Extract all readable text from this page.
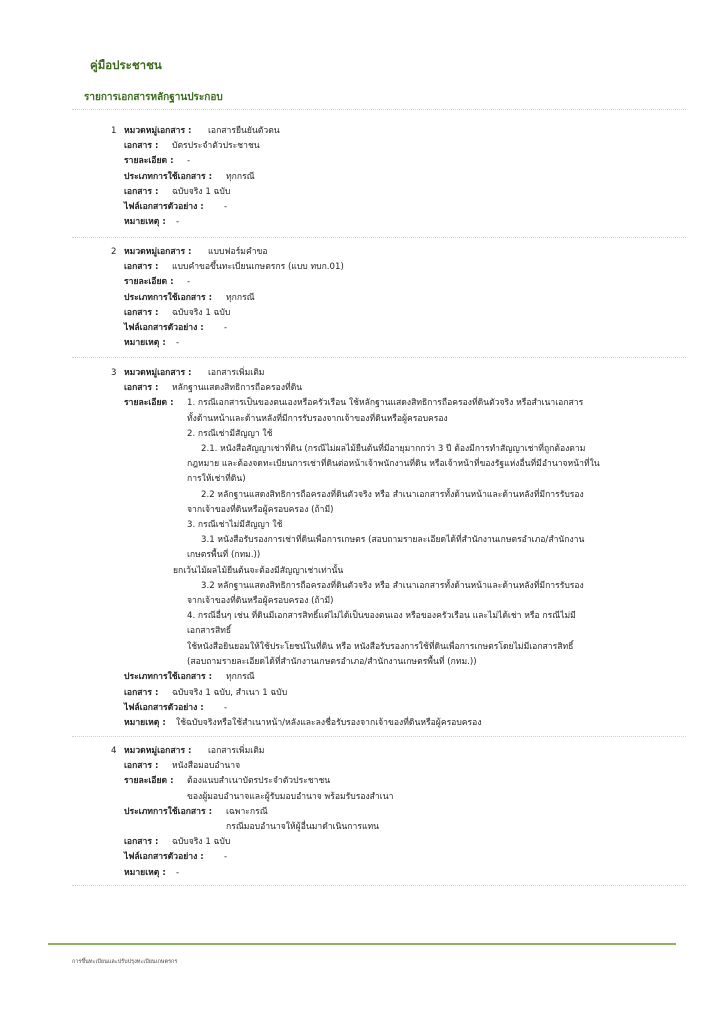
คู่มือประชาชน
รายการเอกสารหลักฐานประกอบ
1 หมวดหมู่เอกสาร : เอกสารยืนยันตัวตน
เอกสาร : บัตรประจำตัวประชาชน
รายละเอียด : -
ประเภทการใช้เอกสาร : ทุกกรณี
เอกสาร : ฉบับจริง 1 ฉบับ
ไฟล์เอกสารตัวอย่าง : -
หมายเหตุ : -
2 หมวดหมู่เอกสาร : แบบฟอร์มคำขอ
เอกสาร : แบบคำขอขึ้นทะเบียนเกษตรกร (แบบ ทบก.01)
รายละเอียด : -
ประเภทการใช้เอกสาร : ทุกกรณี
เอกสาร : ฉบับจริง 1 ฉบับ
ไฟล์เอกสารตัวอย่าง : -
หมายเหตุ : -
3 หมวดหมู่เอกสาร : เอกสารเพิ่มเติม
เอกสาร : หลักฐานแสดงสิทธิการถือครองที่ดิน
รายละเอียด : 1. กรณีเอกสารเป็นของตนเองหรือครัวเรือน ใช้หลักฐานแสดงสิทธิการถือครองที่ดินตัวจริง หรือสำเนาเอกสาร
ทั้งด้านหน้าและด้านหลังที่มีการรับรองจากเจ้าของที่ดินหรือผู้ครอบครอง
2. กรณีเช่ามีสัญญา ใช้
2.1. หนังสือสัญญาเช่าที่ดิน (กรณีไม่ผลไม้ยืนต้นที่มีอายุมากกว่า 3 ปี ต้องมีการทำสัญญาเช่าที่ถูกต้องตาม
กฎหมาย และต้องจดทะเบียนการเช่าที่ดินต่อหน้าเจ้าพนักงานที่ดิน หรือเจ้าหน้าที่ของรัฐแห่งอื่นที่มีอำนาจหน้าที่ใน
การให้เช่าที่ดิน)
2.2 หลักฐานแสดงสิทธิการถือครองที่ดินตัวจริง หรือ สำเนาเอกสารทั้งด้านหน้าและด้านหลังที่มีการรับรอง
จากเจ้าของที่ดินหรือผู้ครอบครอง (ถ้ามี)
3. กรณีเช่าไม่มีสัญญา ใช้
3.1 หนังสือรับรองการเช่าที่ดินเพื่อการเกษตร (สอบถามรายละเอียดได้ที่สำนักงานเกษตรอำเภอ/สำนักงาน
เกษตรพื้นที่ (กทม.))
ยกเว้นไม้ผลไม้ยืนต้นจะต้องมีสัญญาเช่าเท่านั้น
3.2 หลักฐานแสดงสิทธิการถือครองที่ดินตัวจริง หรือ สำเนาเอกสารทั้งด้านหน้าและด้านหลังที่มีการรับรอง
จากเจ้าของที่ดินหรือผู้ครอบครอง (ถ้ามี)
4. กรณีอื่นๆ เช่น ที่ดินมีเอกสารสิทธิ์แต่ไม่ได้เป็นของตนเอง หรือของครัวเรือน และไม่ได้เช่า หรือ กรณีไม่มี
เอกสารสิทธิ์
ใช้หนังสือยินยอมให้ใช้ประโยชน์ในที่ดิน หรือ หนังสือรับรองการใช้ที่ดินเพื่อการเกษตรโดยไม่มีเอกสารสิทธิ์
(สอบถามรายละเอียดได้ที่สำนักงานเกษตรอำเภอ/สำนักงานเกษตรพื้นที่ (กทม.))
ประเภทการใช้เอกสาร : ทุกกรณี
เอกสาร : ฉบับจริง 1 ฉบับ, สำเนา 1 ฉบับ
ไฟล์เอกสารตัวอย่าง : -
หมายเหตุ : ใช้ฉบับจริงหรือใช้สำเนาหน้า/หลังและลงชื่อรับรองจากเจ้าของที่ดินหรือผู้ครอบครอง
4 หมวดหมู่เอกสาร : เอกสารเพิ่มเติม
เอกสาร : หนังสือมอบอำนาจ
รายละเอียด : ต้องแนบสำเนาบัตรประจำตัวประชาชน
ของผู้มอบอำนาจและผู้รับมอบอำนาจ พร้อมรับรองสำเนา
ประเภทการใช้เอกสาร : เฉพาะกรณี
กรณีมอบอำนาจให้ผู้อื่นมาดำเนินการแทน
เอกสาร : ฉบับจริง 1 ฉบับ
ไฟล์เอกสารตัวอย่าง : -
หมายเหตุ : -
การขึ้นทะเบียนและปรับปรุงทะเบียนเกษตรกร
